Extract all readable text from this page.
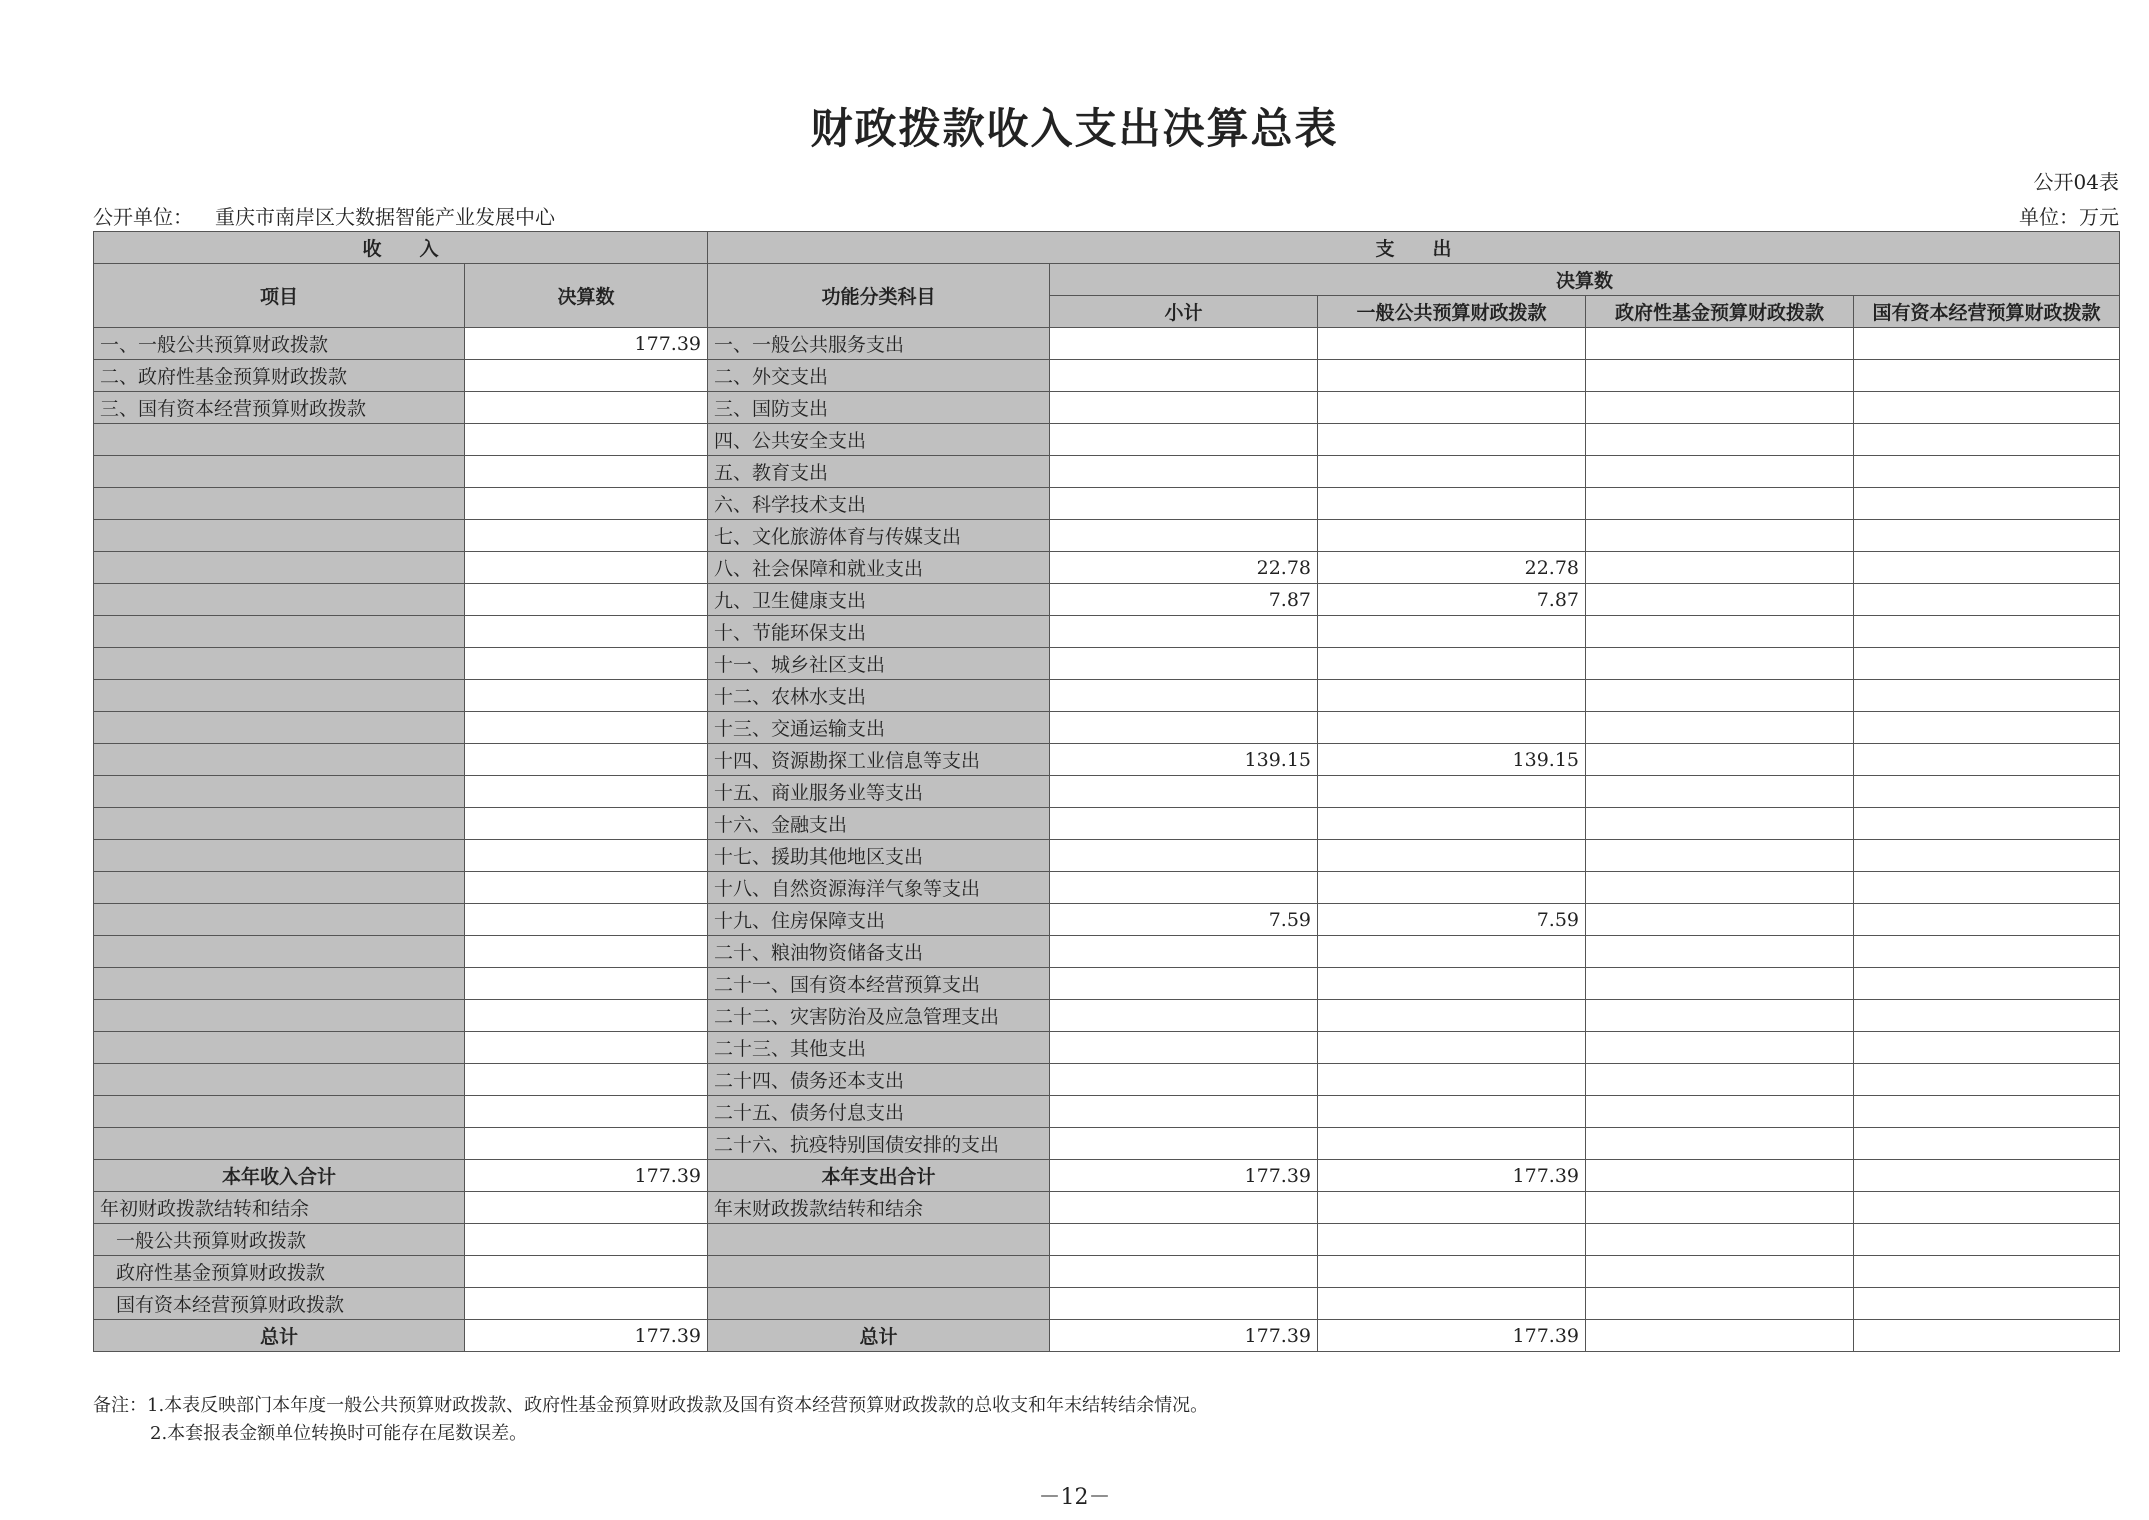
财政拨款收入支出决算总表
公开04表
公开单位： 重庆市南岸区大数据智能产业发展中心	单位：万元
收　　入		支　　出				
项目	决算数	功能分类科目	决算数			
			小计	一般公共预算财政拨款	政府性基金预算财政拨款	国有资本经营预算财政拨款
一、一般公共预算财政拨款	177.39	一、一般公共服务支出				
二、政府性基金预算财政拨款		二、外交支出				
三、国有资本经营预算财政拨款		三、国防支出				
		四、公共安全支出				
		五、教育支出				
		六、科学技术支出				
		七、文化旅游体育与传媒支出				
		八、社会保障和就业支出	22.78	22.78		
		九、卫生健康支出	7.87	7.87		
		十、节能环保支出				
		十一、城乡社区支出				
		十二、农林水支出				
		十三、交通运输支出				
		十四、资源勘探工业信息等支出	139.15	139.15		
		十五、商业服务业等支出				
		十六、金融支出				
		十七、援助其他地区支出				
		十八、自然资源海洋气象等支出				
		十九、住房保障支出	7.59	7.59		
		二十、粮油物资储备支出				
		二十一、国有资本经营预算支出				
		二十二、灾害防治及应急管理支出				
		二十三、其他支出				
		二十四、债务还本支出				
		二十五、债务付息支出				
		二十六、抗疫特别国债安排的支出				
本年收入合计	177.39	本年支出合计	177.39	177.39		
年初财政拨款结转和结余		年末财政拨款结转和结余				
一般公共预算财政拨款						
政府性基金预算财政拨款						
国有资本经营预算财政拨款						
总计	177.39	总计	177.39	177.39		
备注：1.本表反映部门本年度一般公共预算财政拨款、政府性基金预算财政拨款及国有资本经营预算财政拨款的总收支和年末结转结余情况。
2.本套报表金额单位转换时可能存在尾数误差。
－12－
